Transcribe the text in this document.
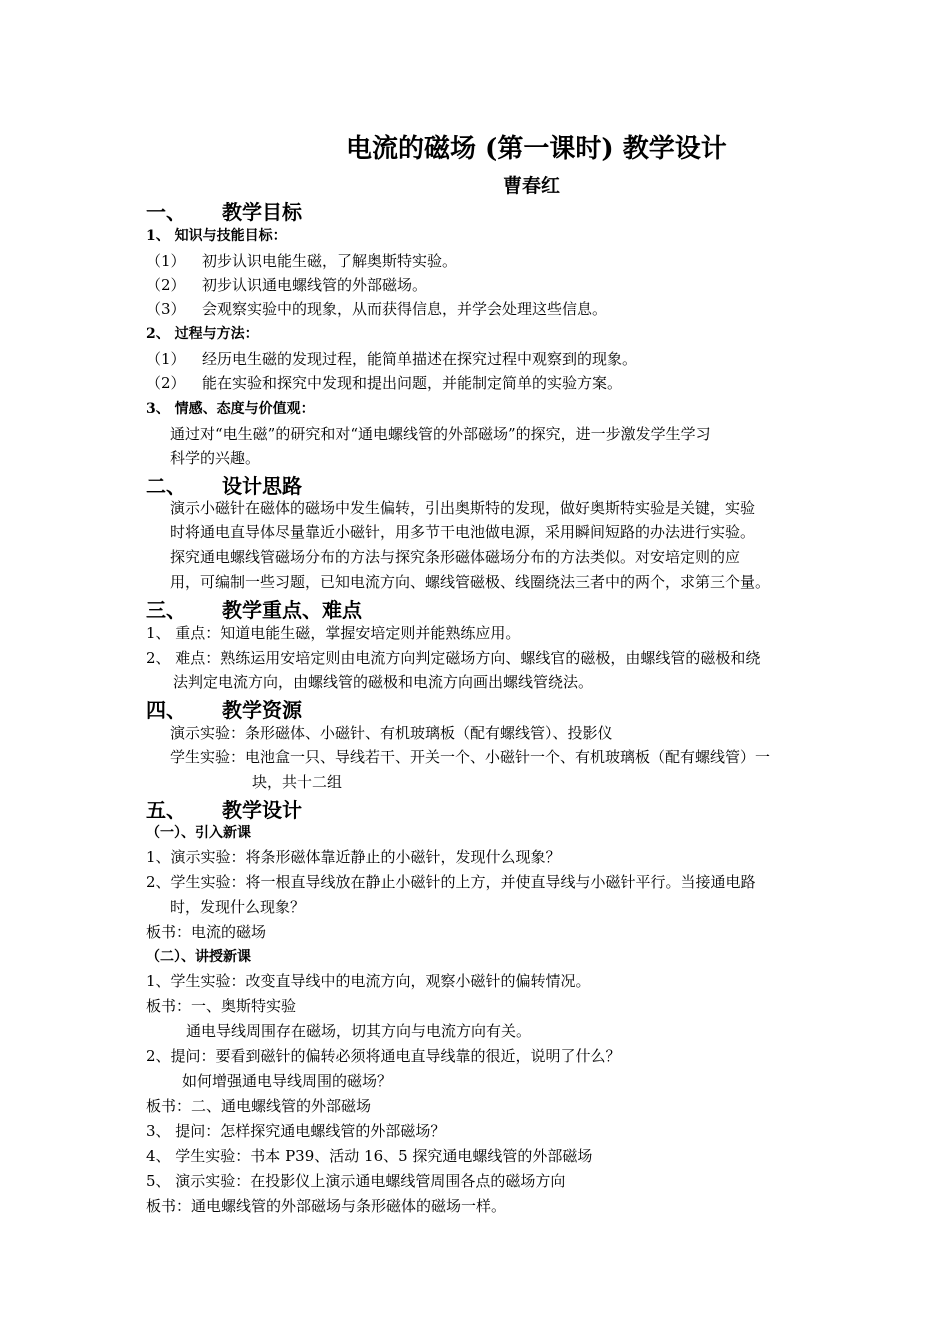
电流的磁场 (第一课时) 教学设计
曹春红
一、 教学目标
1、 知识与技能目标：
（1） 初步认识电能生磁，了解奥斯特实验。
（2） 初步认识通电螺线管的外部磁场。
（3） 会观察实验中的现象，从而获得信息，并学会处理这些信息。
2、 过程与方法：
（1） 经历电生磁的发现过程，能简单描述在探究过程中观察到的现象。
（2） 能在实验和探究中发现和提出问题，并能制定简单的实验方案。
3、 情感、态度与价值观：
通过对“电生磁”的研究和对“通电螺线管的外部磁场”的探究，进一步激发学生学习
科学的兴趣。
二、 设计思路
演示小磁针在磁体的磁场中发生偏转，引出奥斯特的发现，做好奥斯特实验是关键，实验
时将通电直导体尽量靠近小磁针，用多节干电池做电源，采用瞬间短路的办法进行实验。
探究通电螺线管磁场分布的方法与探究条形磁体磁场分布的方法类似。对安培定则的应
用，可编制一些习题，已知电流方向、螺线管磁极、线圈绕法三者中的两个，求第三个量。
三、 教学重点、难点
1、 重点：知道电能生磁，掌握安培定则并能熟练应用。
2、 难点：熟练运用安培定则由电流方向判定磁场方向、螺线官的磁极，由螺线管的磁极和绕
法判定电流方向，由螺线管的磁极和电流方向画出螺线管绕法。
四、 教学资源
演示实验：条形磁体、小磁针、有机玻璃板（配有螺线管）、投影仪
学生实验：电池盒一只、导线若干、开关一个、小磁针一个、有机玻璃板（配有螺线管）一
块，共十二组
五、 教学设计
（一）、引入新课
1、演示实验：将条形磁体靠近静止的小磁针，发现什么现象？
2、学生实验：将一根直导线放在静止小磁针的上方，并使直导线与小磁针平行。当接通电路
时，发现什么现象？
板书：电流的磁场
（二）、讲授新课
1、学生实验：改变直导线中的电流方向，观察小磁针的偏转情况。
板书：一、奥斯特实验
通电导线周围存在磁场，切其方向与电流方向有关。
2、提问：要看到磁针的偏转必须将通电直导线靠的很近，说明了什么？
如何增强通电导线周围的磁场？
板书：二、通电螺线管的外部磁场
3、 提问：怎样探究通电螺线管的外部磁场？
4、 学生实验：书本 P39、活动 16、5 探究通电螺线管的外部磁场
5、 演示实验：在投影仪上演示通电螺线管周围各点的磁场方向
板书：通电螺线管的外部磁场与条形磁体的磁场一样。
